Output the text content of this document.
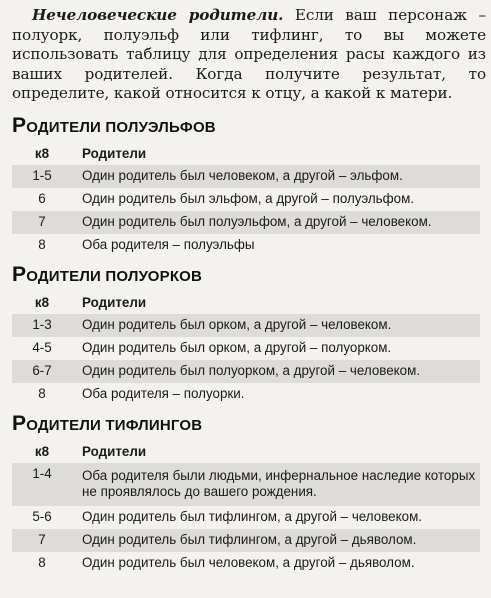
Нечеловеческие родители. Если ваш персонаж – полуорк, полуэльф или тифлинг, то вы можете использовать таблицу для определения расы каждого из ваших родителей. Когда получите результат, то определите, какой относится к отцу, а какой к матери.

РОДИТЕЛИ ПОЛУЭЛЬФОВ
к8	Родители
1-5	Один родитель был человеком, а другой – эльфом.
6	Один родитель был эльфом, а другой – полуэльфом.
7	Один родитель был полуэльфом, а другой – человеком.
8	Оба родителя – полуэльфы
РОДИТЕЛИ ПОЛУОРКОВ
к8	Родители
1-3	Один родитель был орком, а другой – человеком.
4-5	Один родитель был орком, а другой – полуорком.
6-7	Один родитель был полуорком, а другой – человеком.
8	Оба родителя – полуорки.
РОДИТЕЛИ ТИФЛИНГОВ
к8	Родители
1-4	Оба родителя были людьми, инфернальное наследие которых не проявлялось до вашего рождения.
5-6	Один родитель был тифлингом, а другой – человеком.
7	Один родитель был тифлингом, а другой – дьяволом.
8	Один родитель был человеком, а другой – дьяволом.
